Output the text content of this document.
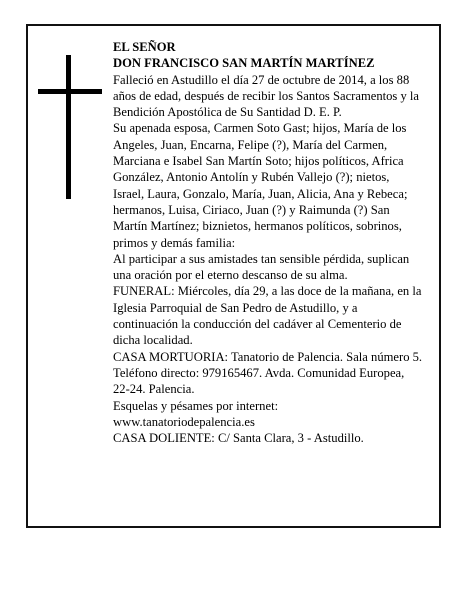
EL SEÑOR
DON FRANCISCO SAN MARTÍN MARTÍNEZ

Falleció en Astudillo el día 27 de octubre de 2014, a los 88 años de edad, después de recibir los Santos Sacramentos y la Bendición Apostólica de Su Santidad D. E. P.

Su apenada esposa, Carmen Soto Gast; hijos, María de los Angeles, Juan, Encarna, Felipe (?), María del Carmen, Marciana e Isabel San Martín Soto; hijos políticos, Africa González, Antonio Antolín y Rubén Vallejo (?); nietos, Israel, Laura, Gonzalo, María, Juan, Alicia, Ana y Rebeca; hermanos, Luisa, Ciriaco, Juan (?) y Raimunda (?) San Martín Martínez; biznietos, hermanos políticos, sobrinos, primos y demás familia:

Al participar a sus amistades tan sensible pérdida, suplican una oración por el eterno descanso de su alma.

FUNERAL: Miércoles, día 29, a las doce de la mañana, en la Iglesia Parroquial de San Pedro de Astudillo, y a continuación la conducción del cadáver al Cementerio de dicha localidad.

CASA MORTUORIA: Tanatorio de Palencia. Sala número 5. Teléfono directo: 979165467. Avda. Comunidad Europea, 22-24. Palencia.

Esquelas y pésames por internet: www.tanatoriodepalencia.es

CASA DOLIENTE: C/ Santa Clara, 3 - Astudillo.
